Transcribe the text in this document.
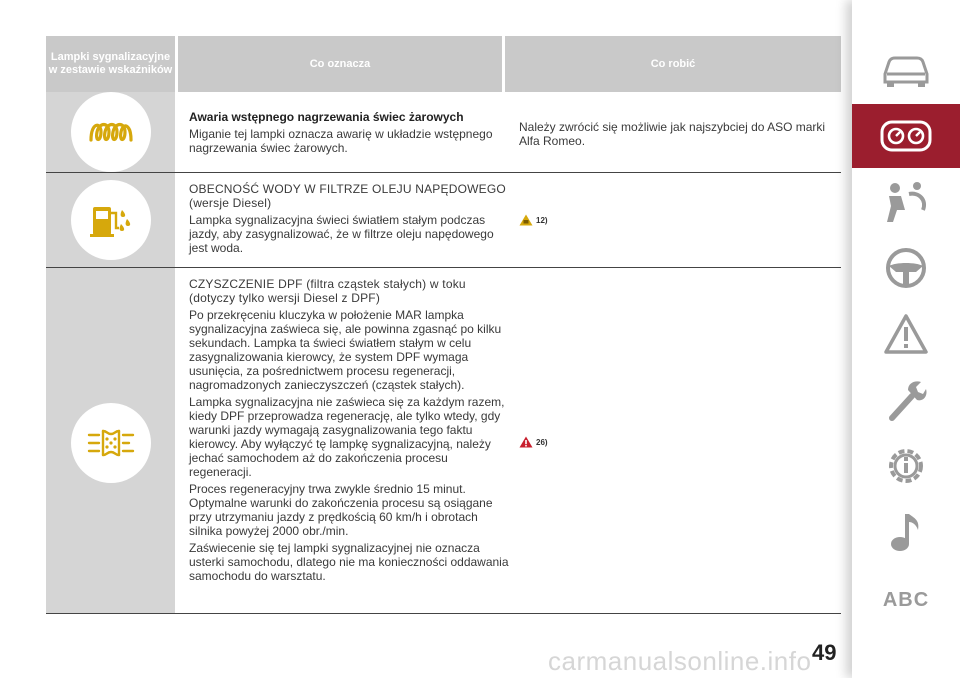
Lampki sygnalizacyjne w zestawie wskaźników
Co oznacza	Co robić

Awaria wstępnego nagrzewania świec żarowych

Miganie tej lampki oznacza awarię w układzie wstępnego nagrzewania świec żarowych.

Należy zwrócić się możliwie jak najszybciej do ASO marki Alfa Romeo.

OBECNOŚĆ WODY W FILTRZE OLEJU NAPĘDOWEGO (wersje Diesel)

Lampka sygnalizacyjna świeci światłem stałym podczas jazdy, aby zasygnalizować, że w filtrze oleju napędowego jest woda.

12)

CZYSZCZENIE DPF (filtra cząstek stałych) w toku (dotyczy tylko wersji Diesel z DPF)

Po przekręceniu kluczyka w położenie MAR lampka sygnalizacyjna zaświeca się, ale powinna zgasnąć po kilku sekundach. Lampka ta świeci światłem stałym w celu zasygnalizowania kierowcy, że system DPF wymaga usunięcia, za pośrednictwem procesu regeneracji, nagromadzonych zanieczyszczeń (cząstek stałych).

Lampka sygnalizacyjna nie zaświeca się za każdym razem, kiedy DPF przeprowadza regenerację, ale tylko wtedy, gdy warunki jazdy wymagają zasygnalizowania tego faktu kierowcy. Aby wyłączyć tę lampkę sygnalizacyjną, należy jechać samochodem aż do zakończenia procesu regeneracji.

Proces regeneracyjny trwa zwykle średnio 15 minut. Optymalne warunki do zakończenia procesu są osiągane przy utrzymaniu jazdy z prędkością 60 km/h i obrotach silnika powyżej 2000 obr./min.

Zaświecenie się tej lampki sygnalizacyjnej nie oznacza usterki samochodu, dlatego nie ma konieczności oddawania samochodu do warsztatu.

26)
carmanualsonline.info 49
ABC
